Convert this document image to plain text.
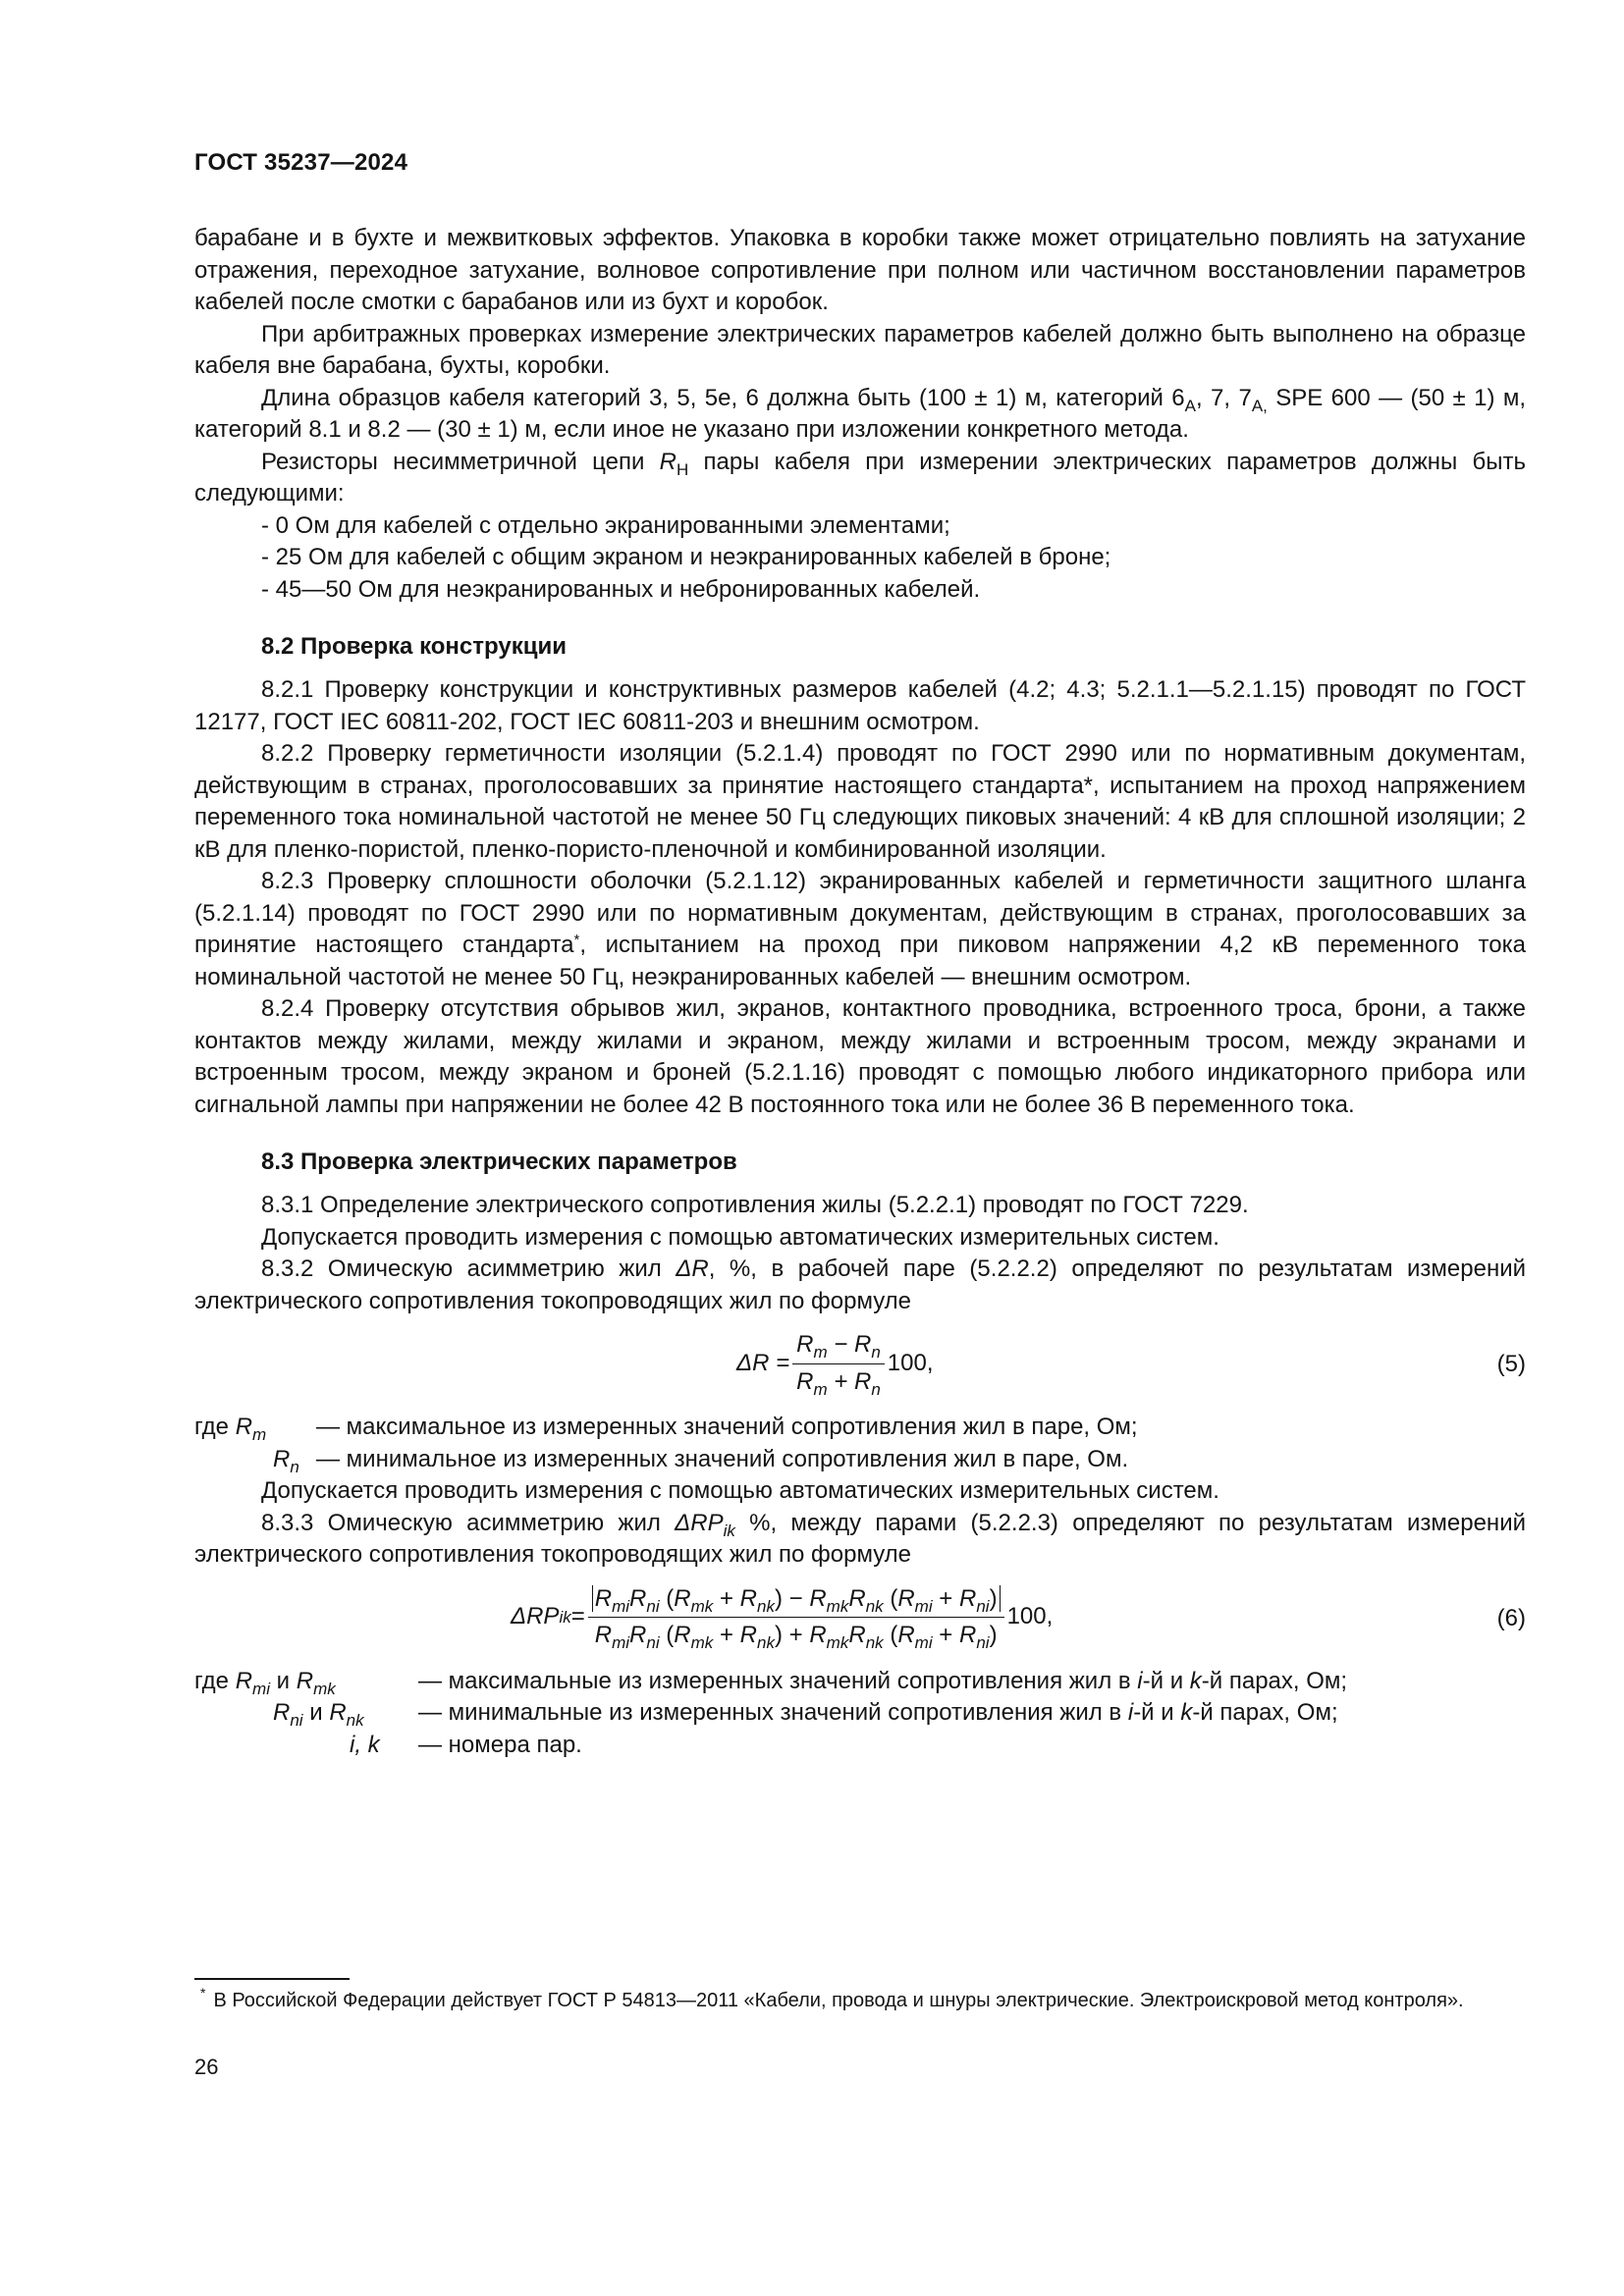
ГОСТ 35237—2024

барабане и в бухте и межвитковых эффектов. Упаковка в коробки также может отрицательно повлиять на затухание отражения, переходное затухание, волновое сопротивление при полном или частичном восстановлении параметров кабелей после смотки с барабанов или из бухт и коробок.

При арбитражных проверках измерение электрических параметров кабелей должно быть выполнено на образце кабеля вне барабана, бухты, коробки.

Длина образцов кабеля категорий 3, 5, 5е, 6 должна быть (100 ± 1) м, категорий $6_A$, 7, $7_{A,}$ SPE 600 — (50 ± 1) м, категорий 8.1 и 8.2 — (30 ± 1) м, если иное не указано при изложении конкретного метода.

Резисторы несимметричной цепи $R_Н$ пары кабеля при измерении электрических параметров должны быть следующими:

- 0 Ом для кабелей с отдельно экранированными элементами;

- 25 Ом для кабелей с общим экраном и неэкранированных кабелей в броне;

- 45—50 Ом для неэкранированных и небронированных кабелей.

8.2 Проверка конструкции

8.2.1 Проверку конструкции и конструктивных размеров кабелей (4.2; 4.3; 5.2.1.1—5.2.1.15) проводят по ГОСТ 12177, ГОСТ IEC 60811-202, ГОСТ IEC 60811-203 и внешним осмотром.

8.2.2 Проверку герметичности изоляции (5.2.1.4) проводят по ГОСТ 2990 или по нормативным документам, действующим в странах, проголосовавших за принятие настоящего стандарта*, испытанием на проход напряжением переменного тока номинальной частотой не менее 50 Гц следующих пиковых значений: 4 кВ для сплошной изоляции; 2 кВ для пленко-пористой, пленко-пористо-пленочной и комбинированной изоляции.

8.2.3 Проверку сплошности оболочки (5.2.1.12) экранированных кабелей и герметичности защитного шланга (5.2.1.14) проводят по ГОСТ 2990 или по нормативным документам, действующим в странах, проголосовавших за принятие настоящего стандарта*, испытанием на проход при пиковом напряжении 4,2 кВ переменного тока номинальной частотой не менее 50 Гц, неэкранированных кабелей — внешним осмотром.

8.2.4 Проверку отсутствия обрывов жил, экранов, контактного проводника, встроенного троса, брони, а также контактов между жилами, между жилами и экраном, между жилами и встроенным тросом, между экранами и встроенным тросом, между экраном и броней (5.2.1.16) проводят с помощью любого индикаторного прибора или сигнальной лампы при напряжении не более 42 В постоянного тока или не более 36 В переменного тока.

8.3 Проверка электрических параметров

8.3.1 Определение электрического сопротивления жилы (5.2.2.1) проводят по ГОСТ 7229.

Допускается проводить измерения с помощью автоматических измерительных систем.

8.3.2 Омическую асимметрию жил ΔR, %, в рабочей паре (5.2.2.2) определяют по результатам измерений электрического сопротивления токопроводящих жил по формуле

$\Delta R = \frac{R_m - R_n}{R_m + R_n} 100$,	(5)
где $R_m$ — максимальное из измеренных значений сопротивления жил в паре, Ом;
$R_n$ — минимальное из измеренных значений сопротивления жил в паре, Ом.

Допускается проводить измерения с помощью автоматических измерительных систем.

8.3.3 Омическую асимметрию жил $\Delta RP_{ik}$ %, между парами (5.2.2.3) определяют по результатам измерений электрического сопротивления токопроводящих жил по формуле

ΔRP ik = $\frac{R_{mi}R_{ni} (R_{mk} + R_{nk}) - R_{mk}R_{nk} (R_{mi} + R_{ni})}{R_{mi}R_{ni} (R_{mk} + R_{nk}) + R_{mk}R_{nk} (R_{mi} + R_{ni})} 100$,	(6)
где $R_{mi}$ и $R_{mk}$	— максимальные из измеренных значений сопротивления жил в i-й и k-й парах, Ом;
$R_{ni}$ и $R_{nk}$ — минимальные из измеренных значений сопротивления жил в i-й и k-й парах, Ом;
i, k — номера пар.
* В Российской Федерации действует ГОСТ Р 54813—2011 «Кабели, провода и шнуры электрические. Электроискровой метод контроля».
26
